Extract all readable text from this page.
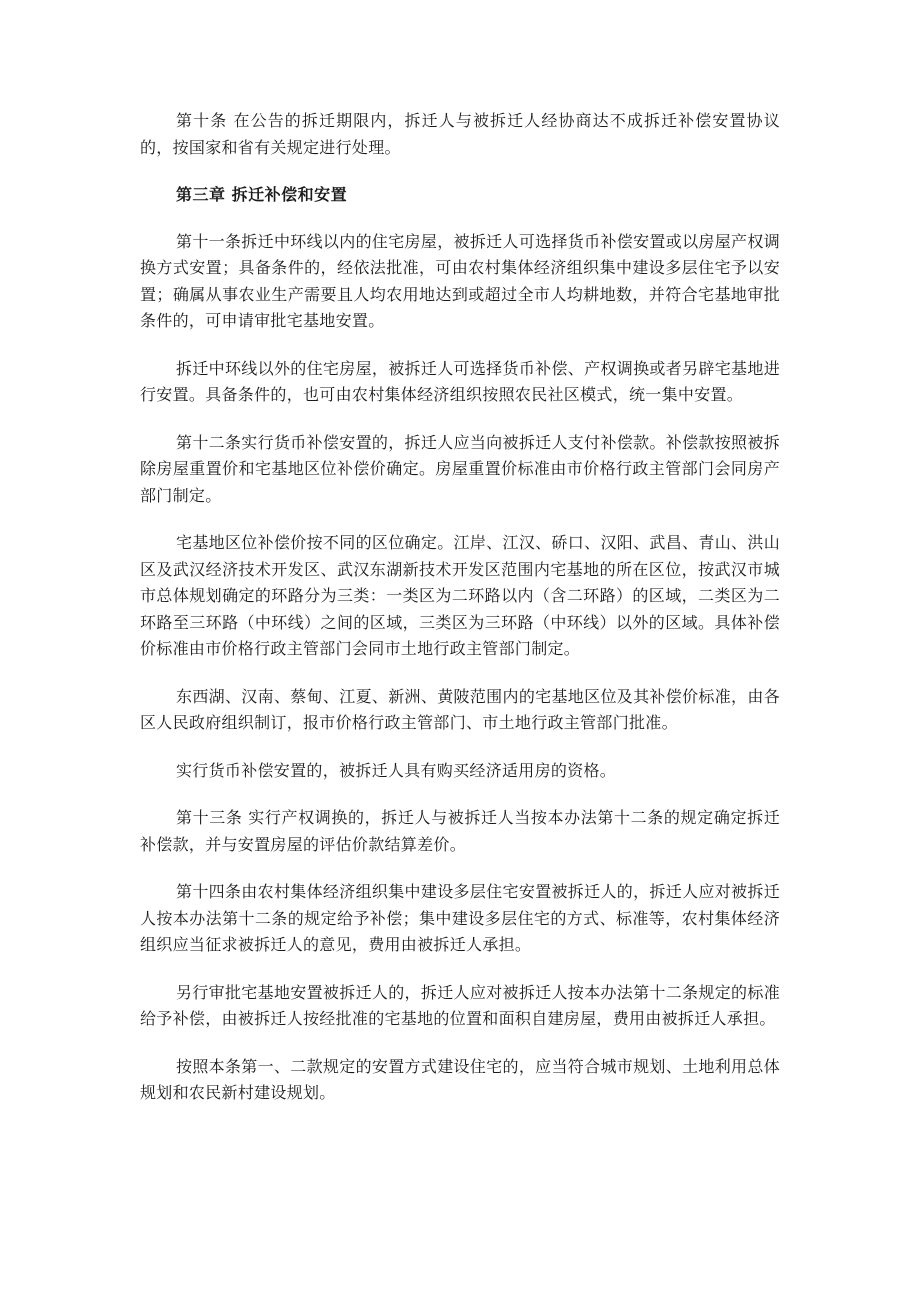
第十条 在公告的拆迁期限内，拆迁人与被拆迁人经协商达不成拆迁补偿安置协议的，按国家和省有关规定进行处理。

第三章 拆迁补偿和安置

第十一条拆迁中环线以内的住宅房屋，被拆迁人可选择货币补偿安置或以房屋产权调换方式安置；具备条件的，经依法批准，可由农村集体经济组织集中建设多层住宅予以安置；确属从事农业生产需要且人均农用地达到或超过全市人均耕地数，并符合宅基地审批条件的，可申请审批宅基地安置。

拆迁中环线以外的住宅房屋，被拆迁人可选择货币补偿、产权调换或者另辟宅基地进行安置。具备条件的，也可由农村集体经济组织按照农民社区模式，统一集中安置。

第十二条实行货币补偿安置的，拆迁人应当向被拆迁人支付补偿款。补偿款按照被拆除房屋重置价和宅基地区位补偿价确定。房屋重置价标准由市价格行政主管部门会同房产部门制定。

宅基地区位补偿价按不同的区位确定。江岸、江汉、硚口、汉阳、武昌、青山、洪山区及武汉经济技术开发区、武汉东湖新技术开发区范围内宅基地的所在区位，按武汉市城市总体规划确定的环路分为三类：一类区为二环路以内（含二环路）的区域，二类区为二环路至三环路（中环线）之间的区域，三类区为三环路（中环线）以外的区域。具体补偿价标准由市价格行政主管部门会同市土地行政主管部门制定。

东西湖、汉南、蔡甸、江夏、新洲、黄陂范围内的宅基地区位及其补偿价标准，由各区人民政府组织制订，报市价格行政主管部门、市土地行政主管部门批准。

实行货币补偿安置的，被拆迁人具有购买经济适用房的资格。

第十三条 实行产权调换的，拆迁人与被拆迁人当按本办法第十二条的规定确定拆迁补偿款，并与安置房屋的评估价款结算差价。

第十四条由农村集体经济组织集中建设多层住宅安置被拆迁人的，拆迁人应对被拆迁人按本办法第十二条的规定给予补偿；集中建设多层住宅的方式、标准等，农村集体经济组织应当征求被拆迁人的意见，费用由被拆迁人承担。

另行审批宅基地安置被拆迁人的，拆迁人应对被拆迁人按本办法第十二条规定的标准给予补偿，由被拆迁人按经批准的宅基地的位置和面积自建房屋，费用由被拆迁人承担。

按照本条第一、二款规定的安置方式建设住宅的，应当符合城市规划、土地利用总体规划和农民新村建设规划。
